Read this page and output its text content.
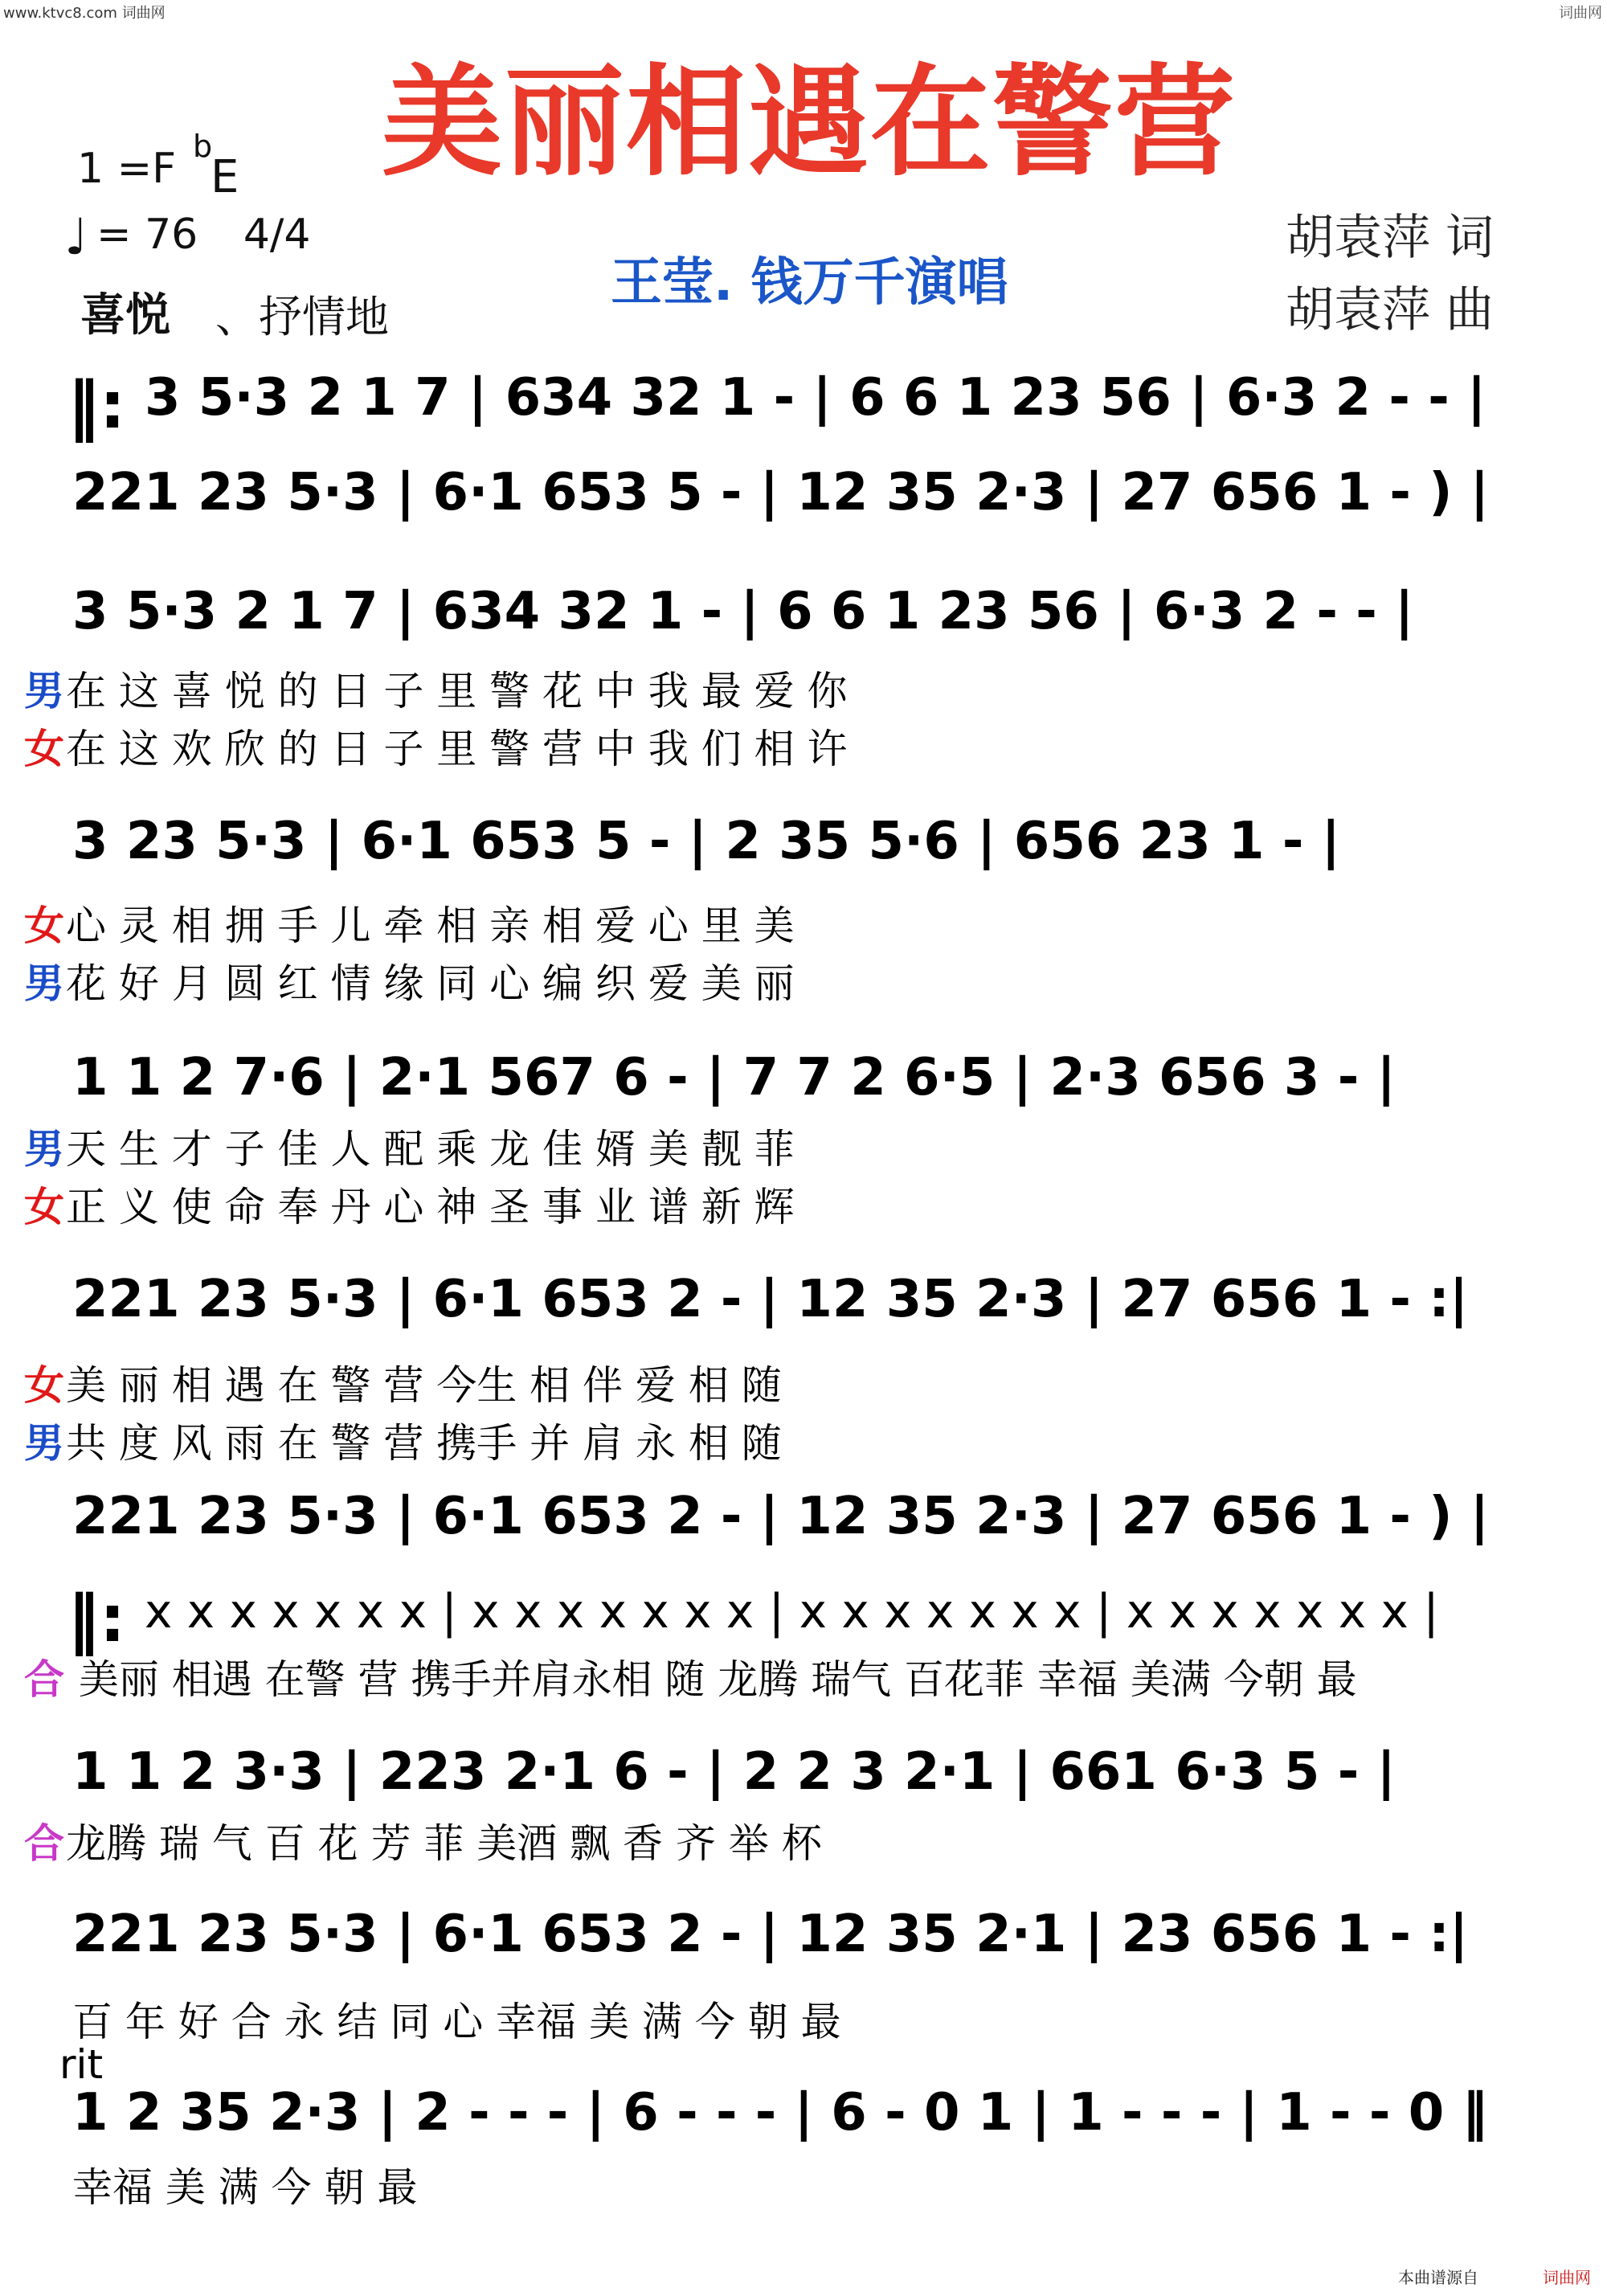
www.ktvc8.com 词曲网	词曲网
美丽相遇在警营
1 =F b
E
♩ = 76 4/4
喜悦 、抒情地
王莹. 钱万千演唱
胡袁萍 词
胡袁萍 曲
‖: 3 5·3 2 1 7 | 634 32 1 - | 6 6 1 23 56 | 6·3 2 - - |
221 23 5·3 | 6·1 653 5 - | 12 35 2·3 | 27 656 1 - ) |
3 5·3 2 1 7 | 634 32 1 - | 6 6 1 23 56 | 6·3 2 - - |
男在 这 喜 悦 的 日 子 里 警 花 中 我 最 爱 你
女在 这 欢 欣 的 日 子 里 警 营 中 我 们 相 许
3 23 5·3 | 6·1 653 5 - | 2 35 5·6 | 656 23 1 - |
女心 灵 相 拥 手 儿 牵 相 亲 相 爱 心 里 美
男花 好 月 圆 红 情 缘 同 心 编 织 爱 美 丽
1 1 2 7·6 | 2·1 567 6 - | 7 7 2 6·5 | 2·3 656 3 - |
男天 生 才 子 佳 人 配 乘 龙 佳 婿 美 靓 菲
女正 义 使 命 奉 丹 心 神 圣 事 业 谱 新 辉
221 23 5·3 | 6·1 653 2 - | 12 35 2·3 | 27 656 1 - :|
女美 丽 相 遇 在 警 营 今生 相 伴 爱 相 随
男共 度 风 雨 在 警 营 携手 并 肩 永 相 随
221 23 5·3 | 6·1 653 2 - | 12 35 2·3 | 27 656 1 - ) |
‖: x x x x x x x | x x x x x x x | x x x x x x x | x x x x x x x |
合 美丽 相遇 在警 营 携手并肩永相 随 龙腾 瑞气 百花菲 幸福 美满 今朝 最
1 1 2 3·3 | 223 2·1 6 - | 2 2 3 2·1 | 661 6·3 5 - |
合龙腾 瑞 气 百 花 芳 菲 美酒 飘 香 齐 举 杯
221 23 5·3 | 6·1 653 2 - | 12 35 2·1 | 23 656 1 - :|
百 年 好 合 永 结 同 心 幸福 美 满 今 朝 最
rit
1 2 35 2·3 | 2 - - - | 6 - - - | 6 - 0 1 | 1 - - - | 1 - - 0 ‖
幸福 美 满 今 朝 最
本曲谱源自	词曲网
